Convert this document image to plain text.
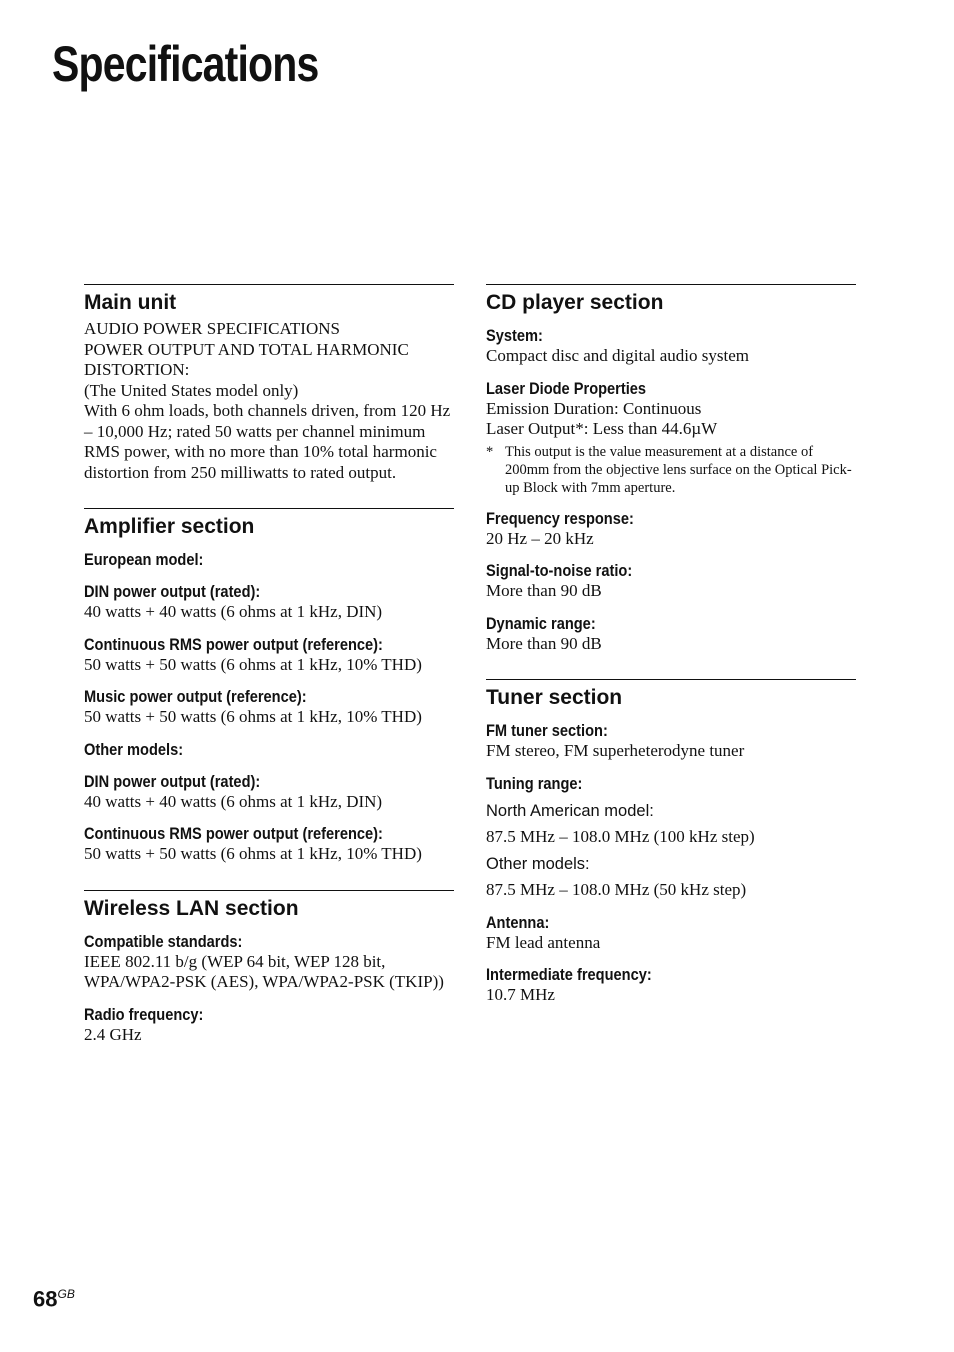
Specifications
Main unit
AUDIO POWER SPECIFICATIONS
POWER OUTPUT AND TOTAL HARMONIC DISTORTION:
(The United States model only)
With 6 ohm loads, both channels driven, from 120 Hz – 10,000 Hz; rated 50 watts per channel minimum RMS power, with no more than 10% total harmonic distortion from 250 milliwatts to rated output.
Amplifier section
European model:
DIN power output (rated):
40 watts + 40 watts (6 ohms at 1 kHz, DIN)
Continuous RMS power output (reference):
50 watts + 50 watts (6 ohms at 1 kHz, 10% THD)
Music power output (reference):
50 watts + 50 watts (6 ohms at 1 kHz, 10% THD)
Other models:
DIN power output (rated):
40 watts + 40 watts (6 ohms at 1 kHz, DIN)
Continuous RMS power output (reference):
50 watts + 50 watts (6 ohms at 1 kHz, 10% THD)
Wireless LAN section
Compatible standards:
IEEE 802.11 b/g (WEP 64 bit, WEP 128 bit, WPA/WPA2-PSK (AES), WPA/WPA2-PSK (TKIP))
Radio frequency:
2.4 GHz
CD player section
System:
Compact disc and digital audio system
Laser Diode Properties
Emission Duration: Continuous
Laser Output*: Less than 44.6µW
* This output is the value measurement at a distance of 200mm from the objective lens surface on the Optical Pick-up Block with 7mm aperture.
Frequency response:
20 Hz – 20 kHz
Signal-to-noise ratio:
More than 90 dB
Dynamic range:
More than 90 dB
Tuner section
FM tuner section:
FM stereo, FM superheterodyne tuner
Tuning range:
North American model:
87.5 MHz – 108.0 MHz (100 kHz step)
Other models:
87.5 MHz – 108.0 MHz (50 kHz step)
Antenna:
FM lead antenna
Intermediate frequency:
10.7 MHz
$68^{GB}$
